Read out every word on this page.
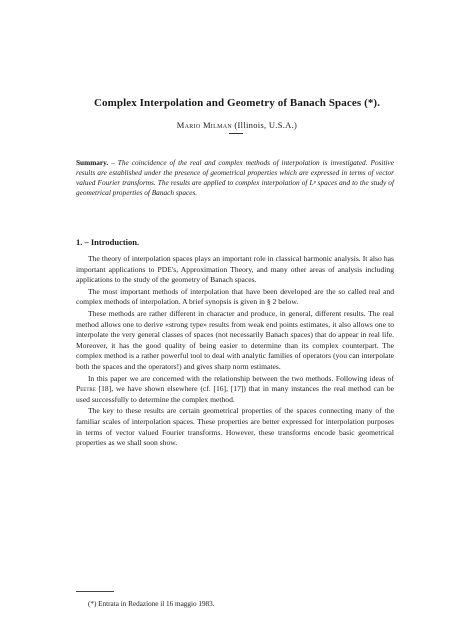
Complex Interpolation and Geometry of Banach Spaces (*).
Mario Milman (Illinois, U.S.A.)
Summary. – The coincidence of the real and complex methods of interpolation is investigated. Positive results are established under the presence of geometrical properties which are expressed in terms of vector valued Fourier transforms. The results are applied to complex interpolation of Lᵖ spaces and to the study of geometrical properties of Banach spaces.
1. – Introduction.

The theory of interpolation spaces plays an important role in classical harmonic analysis. It also has important applications to PDE's, Approximation Theory, and many other areas of analysis including applications to the study of the geometry of Banach spaces.

The most important methods of interpolation that have been developed are the so called real and complex methods of interpolation. A brief synopsis is given in § 2 below.

These methods are rather different in character and produce, in general, different results. The real method allows one to derive «strong type» results from weak end points estimates, it also allows one to interpolate the very general classes of spaces (not necessarily Banach spaces) that do appear in real life. Moreover, it has the good quality of being easier to determine than its complex counterpart. The complex method is a rather powerful tool to deal with analytic families of operators (you can interpolate both the spaces and the operators!) and gives sharp norm estimates.

In this paper we are concerned with the relationship between the two methods. Following ideas of Peetre [18], we have shown elsewhere (cf. [16], [17]) that in many instances the real method can be used successfully to determine the complex method.

The key to these results are certain geometrical properties of the spaces connecting many of the familiar scales of interpolation spaces. These properties are better expressed for interpolation purposes in terms of vector valued Fourier transforms. However, these transforms encode basic geometrical properties as we shall soon show.

(*) Entrata in Redazione il 16 maggio 1983.
